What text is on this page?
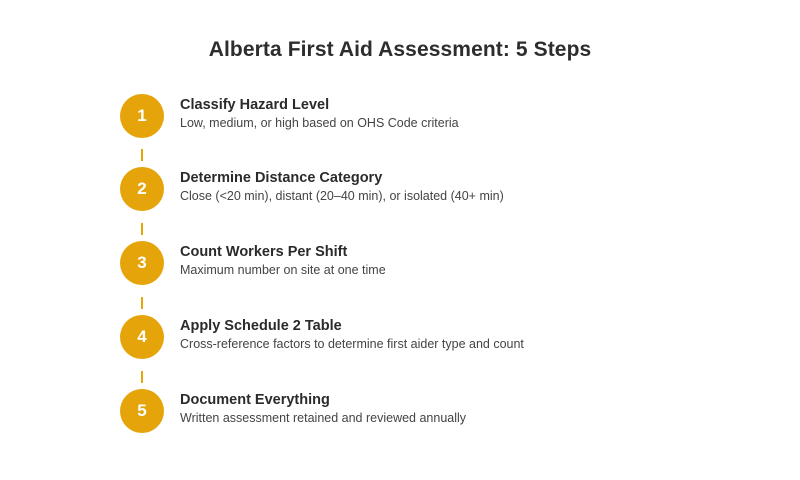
Alberta First Aid Assessment: 5 Steps
1
Classify Hazard Level
Low, medium, or high based on OHS Code criteria
2
Determine Distance Category
Close (<20 min), distant (20–40 min), or isolated (40+ min)
3
Count Workers Per Shift
Maximum number on site at one time
4
Apply Schedule 2 Table
Cross-reference factors to determine first aider type and count
5
Document Everything
Written assessment retained and reviewed annually
